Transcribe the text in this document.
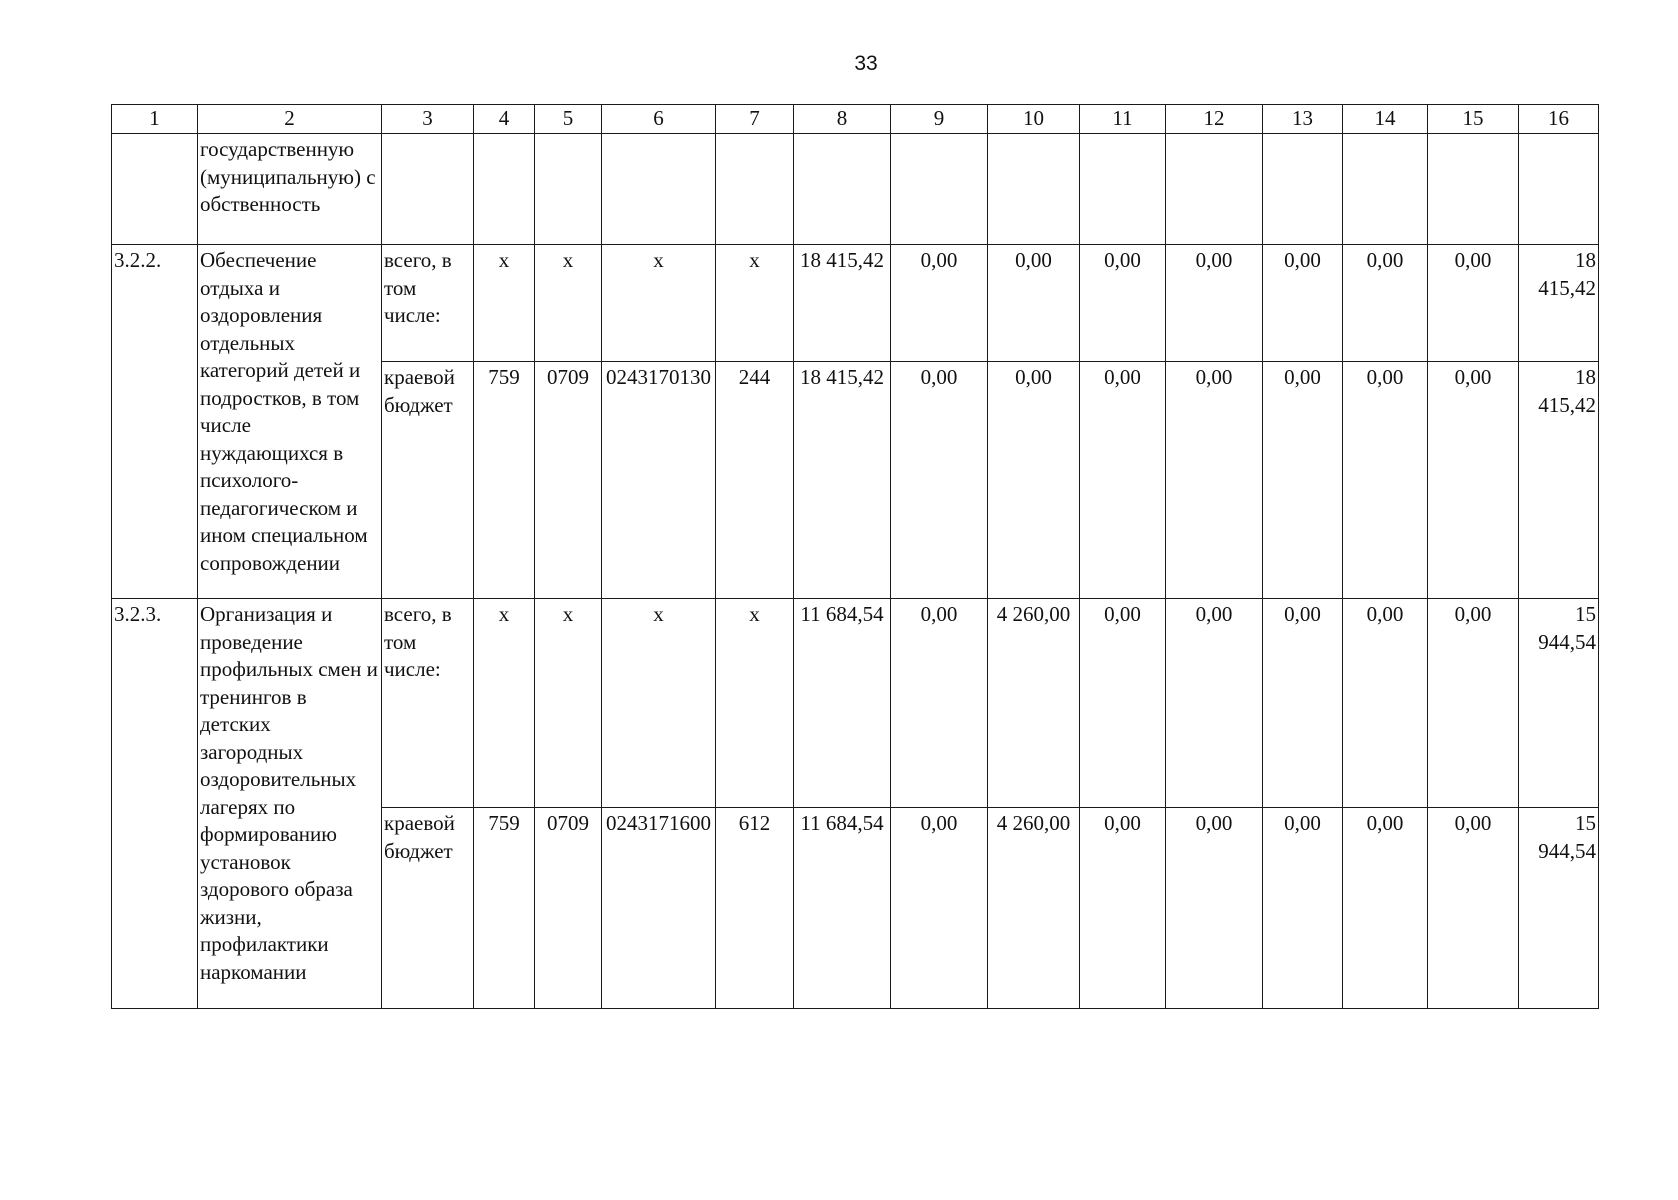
33
1	2	3	4	5	6	7	8	9	10	11	12	13	14	15	16
	государственную (муниципальную) собственность														
3.2.2.	Обеспечение отдыха и оздоровления отдельных категорий детей и подростков, в том числе нуждающихся в психолого-педагогическом и ином специальном сопровождении	всего, в том числе:	х	х	х	х	18 415,42	0,00	0,00	0,00	0,00	0,00	0,00	0,00	18 415,42
		краевой бюджет	759	0709	0243170130	244	18 415,42	0,00	0,00	0,00	0,00	0,00	0,00	0,00	18 415,42
3.2.3.	Организация и проведение профильных смен и тренингов в детских загородных оздоровительных лагерях по формированию установок здорового образа жизни, профилактики наркомании	всего, в том числе:	х	х	х	х	11 684,54	0,00	4 260,00	0,00	0,00	0,00	0,00	0,00	15 944,54
		краевой бюджет	759	0709	0243171600	612	11 684,54	0,00	4 260,00	0,00	0,00	0,00	0,00	0,00	15 944,54
